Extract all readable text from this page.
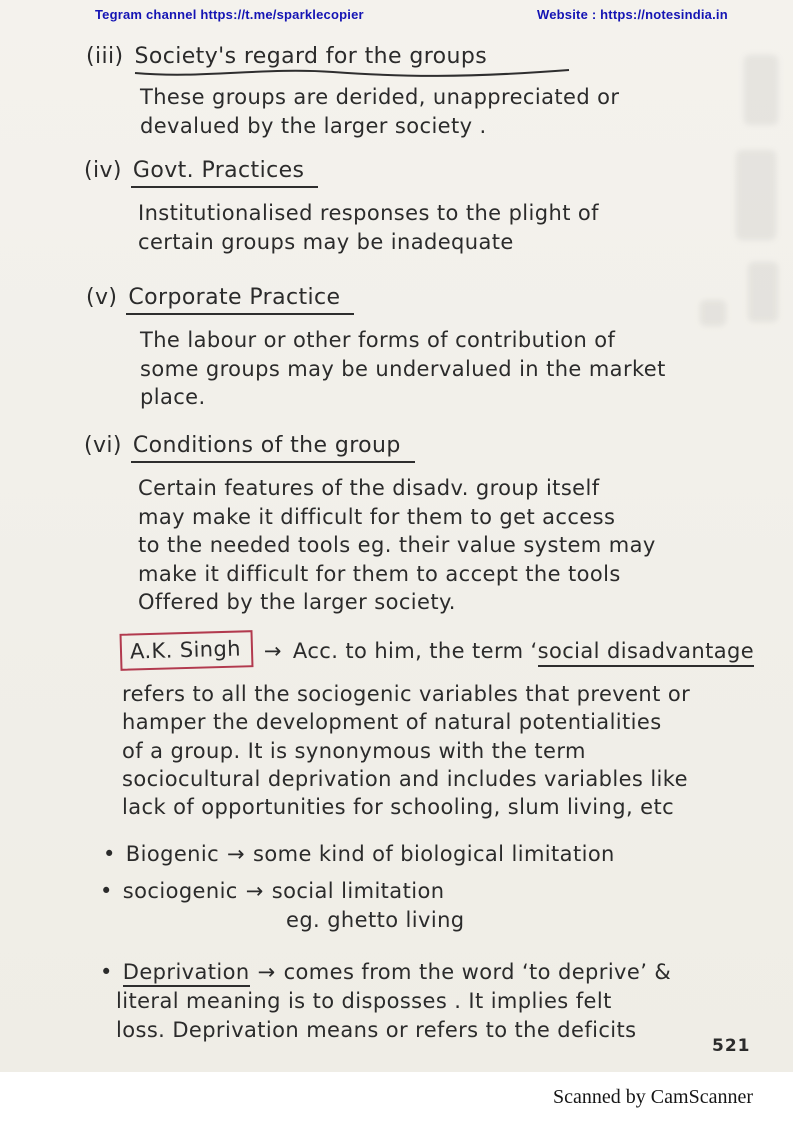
Tegram channel https://t.me/sparklecopier	Website : https://notesindia.in
(iii) Society's regard for the groups
These groups are derided, unappreciated or
devalued by the larger society .
(iv) Govt. Practices
Institutionalised responses to the plight of
certain groups may be inadequate
(v) Corporate Practice
The labour or other forms of contribution of
some groups may be undervalued in the market
place.
(vi) Conditions of the group
Certain features of the disadv. group itself
may make it difficult for them to get access
to the needed tools eg. their value system may
make it difficult for them to accept the tools
Offered by the larger society.
A.K. Singh	→ Acc. to him, the term ‘social disadvantage
refers to all the sociogenic variables that prevent or
hamper the development of natural potentialities
of a group. It is synonymous with the term
sociocultural deprivation and includes variables like
lack of opportunities for schooling, slum living, etc
• Biogenic → some kind of biological limitation
• sociogenic → social limitation
eg. ghetto living
• Deprivation → comes from the word ‘to deprive’ &
literal meaning is to disposses . It implies felt
loss. Deprivation means or refers to the deficits
521
Scanned by CamScanner
